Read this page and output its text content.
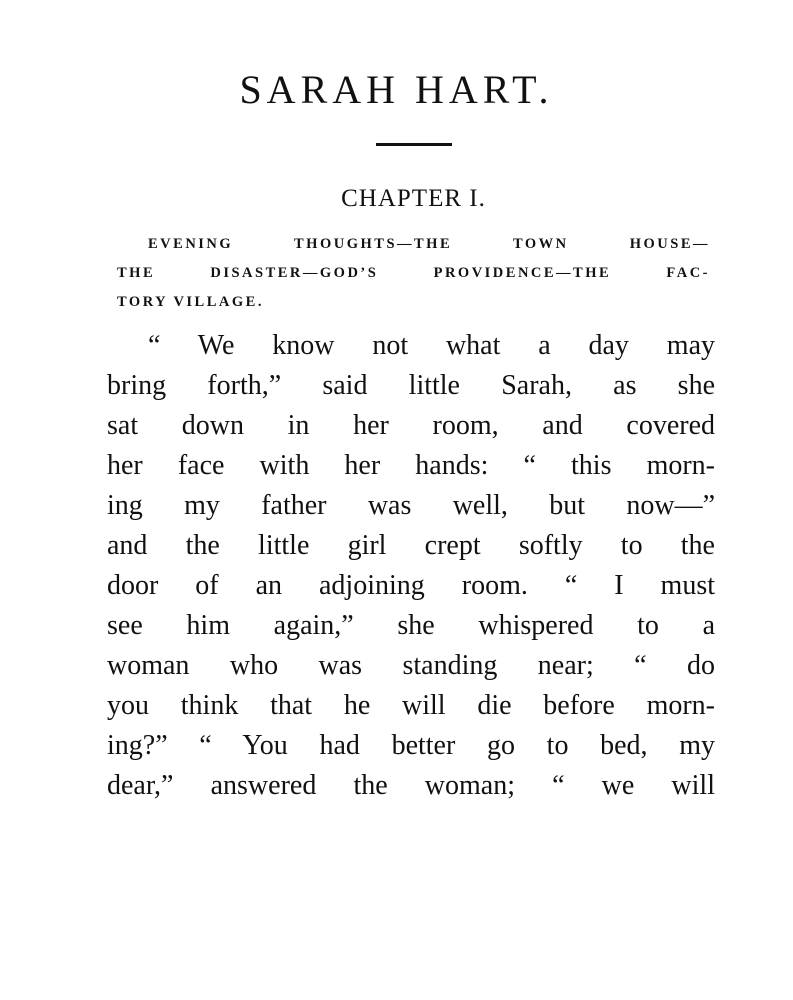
SARAH HART.
CHAPTER I.
EVENING THOUGHTS—THE TOWN HOUSE—
THE DISASTER—GOD’S PROVIDENCE—THE FAC-
TORY VILLAGE.
“ We know not what a day may
bring forth,” said little Sarah, as she
sat down in her room, and covered
her face with her hands: “ this morn-
ing my father was well, but now—”
and the little girl crept softly to the
door of an adjoining room. “ I must
see him again,” she whispered to a
woman who was standing near; “ do
you think that he will die before morn-
ing?” “ You had better go to bed, my
dear,” answered the woman; “ we will
